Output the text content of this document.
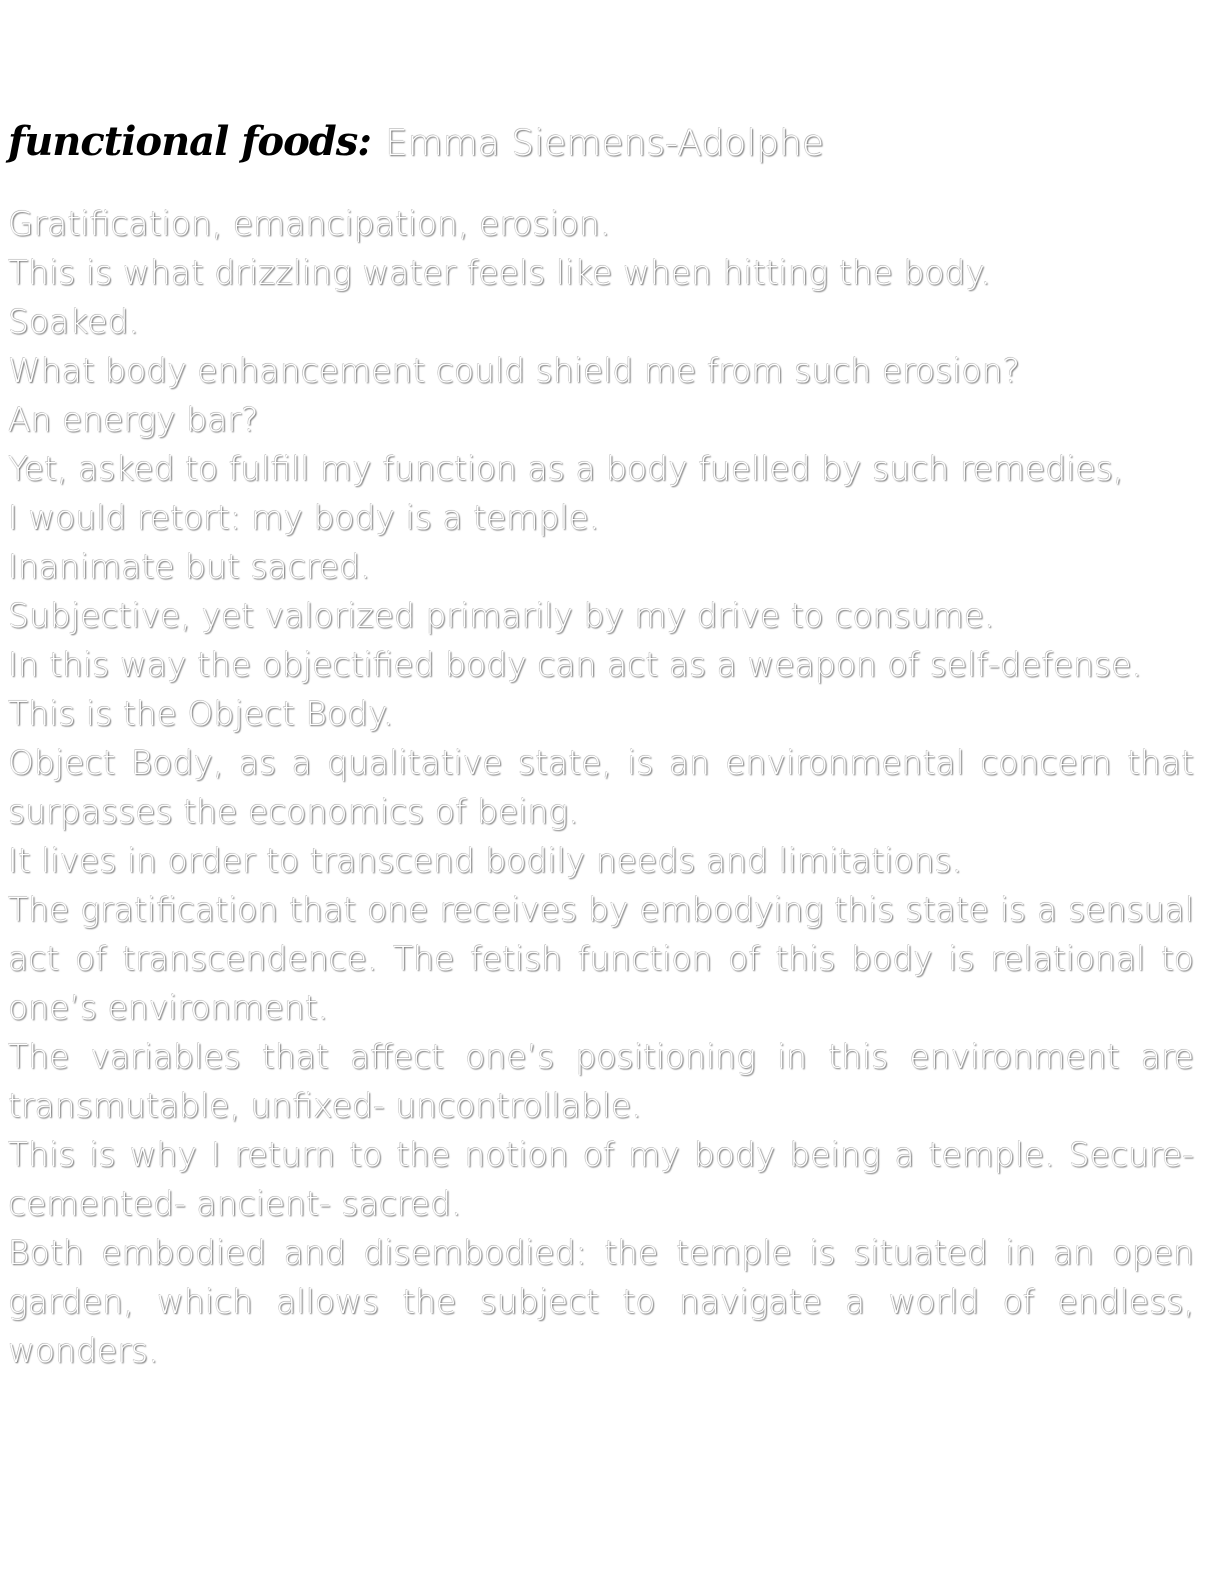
functional foods: Emma Siemens-Adolphe
Gratification, emancipation, erosion.
This is what drizzling water feels like when hitting the body.
Soaked.
What body enhancement could shield me from such erosion?
An energy bar?
Yet, asked to fulfill my function as a body fuelled by such remedies,
I would retort: my body is a temple.
Inanimate but sacred.
Subjective, yet valorized primarily by my drive to consume.
In this way the objectified body can act as a weapon of self-defense.
This is the Object Body.
Object Body, as a qualitative state, is an environmental concern that surpasses the economics of being.
It lives in order to transcend bodily needs and limitations.
The gratification that one receives by embodying this state is a sensual act of transcendence. The fetish function of this body is relational to one’s environment.
The variables that affect one’s positioning in this environment are transmutable, unfixed- uncontrollable.
This is why I return to the notion of my body being a temple. Secure- cemented- ancient- sacred.
Both embodied and disembodied: the temple is situated in an open garden, which allows the subject to navigate a world of endless, wonders.
